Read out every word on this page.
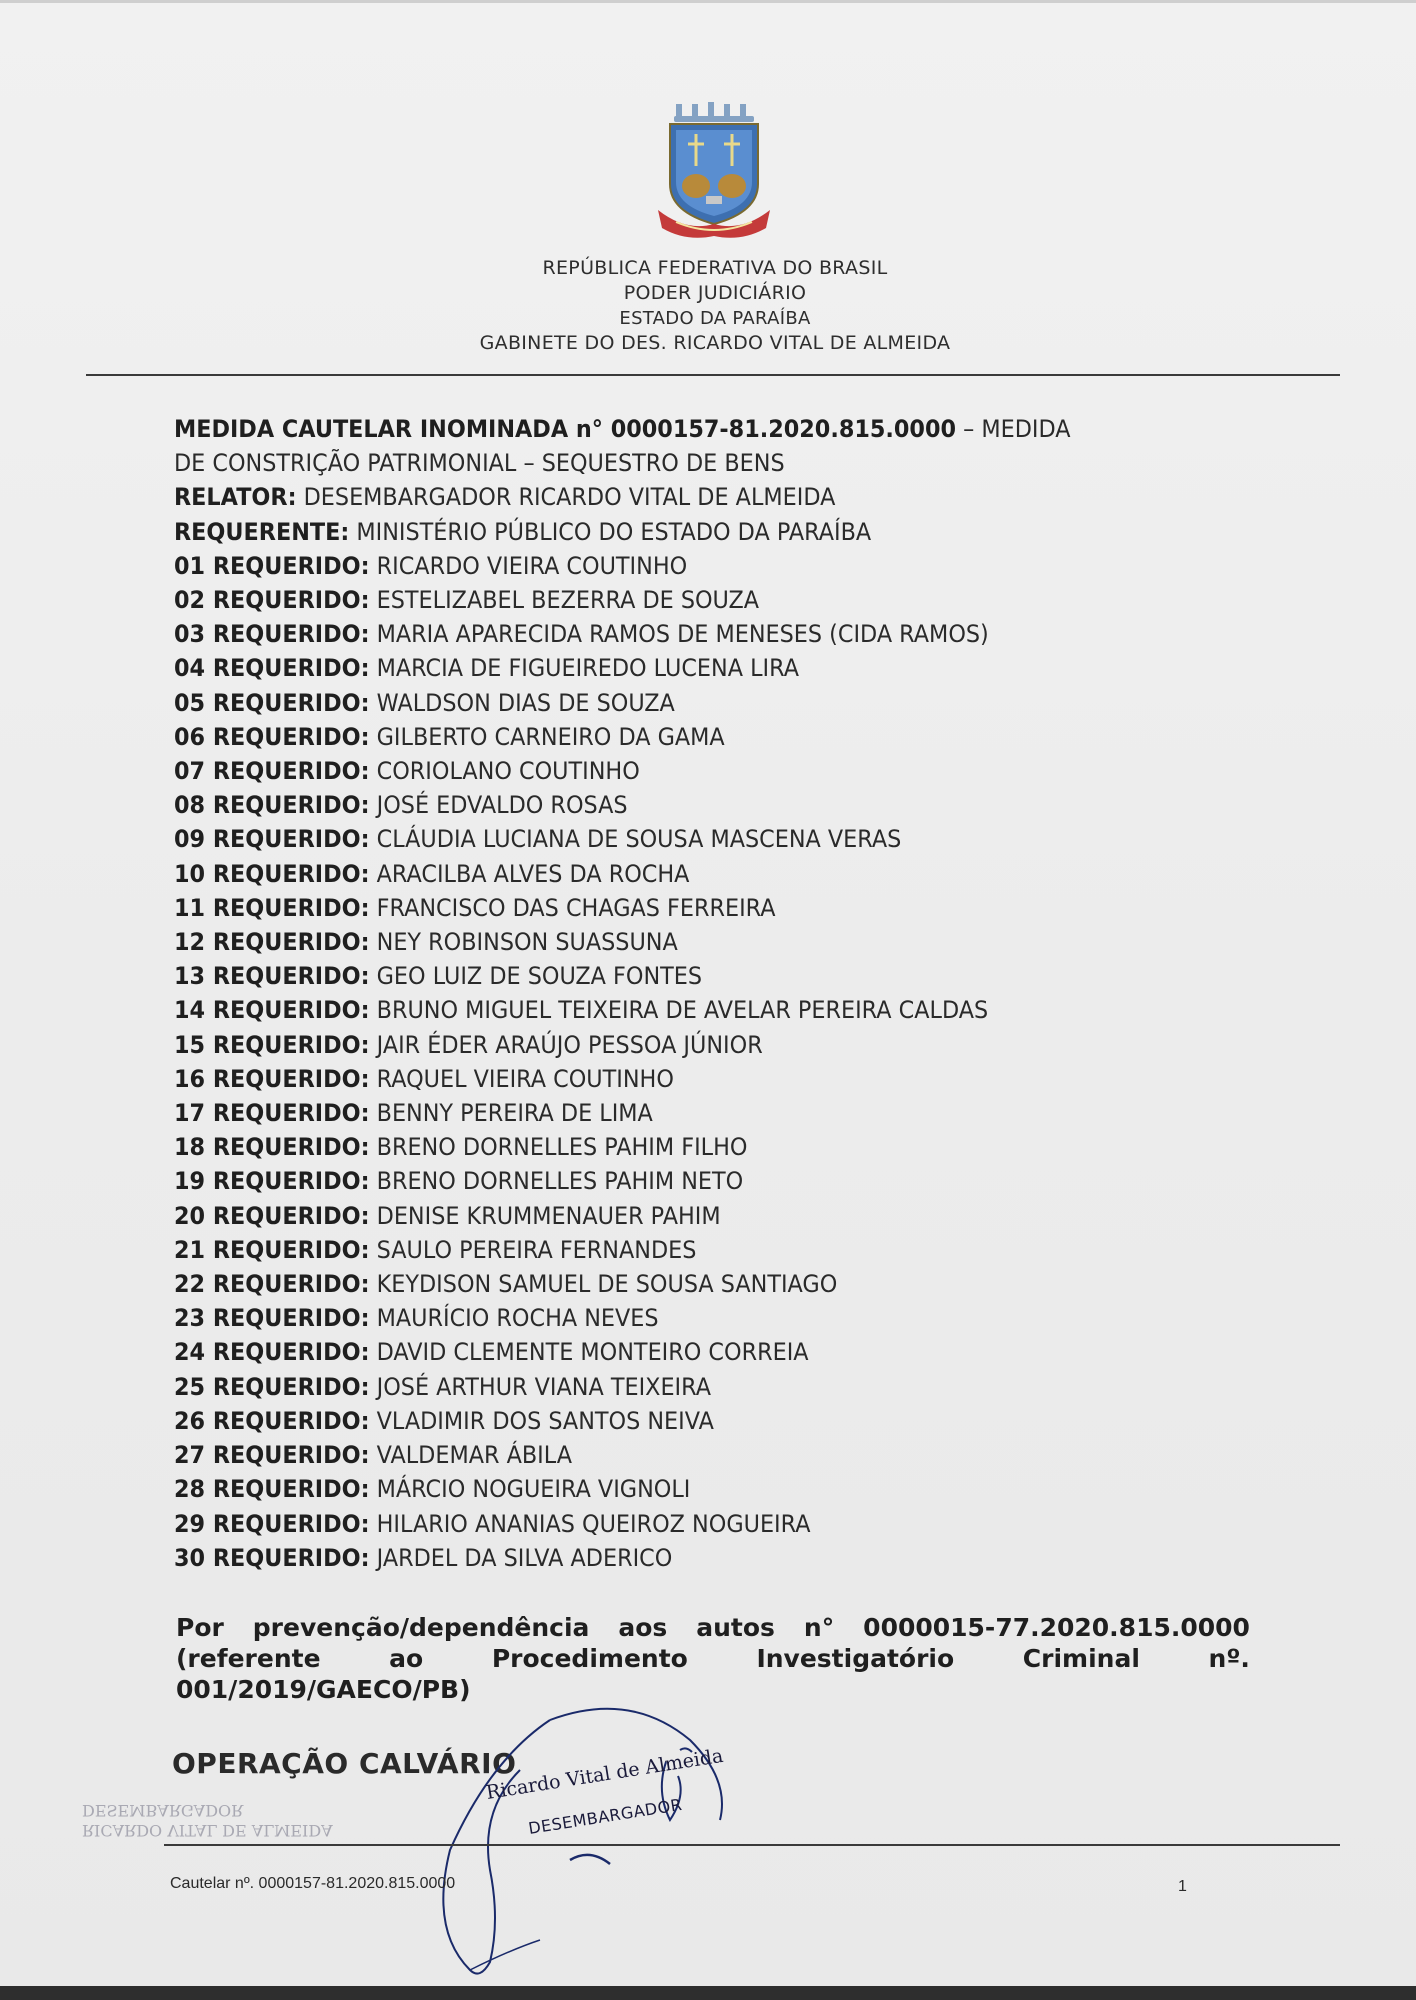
REPÚBLICA FEDERATIVA DO BRASIL
PODER JUDICIÁRIO
ESTADO DA PARAÍBA
GABINETE DO DES. RICARDO VITAL DE ALMEIDA
MEDIDA CAUTELAR INOMINADA n° 0000157-81.2020.815.0000 – MEDIDA
DE CONSTRIÇÃO PATRIMONIAL – SEQUESTRO DE BENS
RELATOR: DESEMBARGADOR RICARDO VITAL DE ALMEIDA
REQUERENTE: MINISTÉRIO PÚBLICO DO ESTADO DA PARAÍBA
01 REQUERIDO: RICARDO VIEIRA COUTINHO
02 REQUERIDO: ESTELIZABEL BEZERRA DE SOUZA
03 REQUERIDO: MARIA APARECIDA RAMOS DE MENESES (CIDA RAMOS)
04 REQUERIDO: MARCIA DE FIGUEIREDO LUCENA LIRA
05 REQUERIDO: WALDSON DIAS DE SOUZA
06 REQUERIDO: GILBERTO CARNEIRO DA GAMA
07 REQUERIDO: CORIOLANO COUTINHO
08 REQUERIDO: JOSÉ EDVALDO ROSAS
09 REQUERIDO: CLÁUDIA LUCIANA DE SOUSA MASCENA VERAS
10 REQUERIDO: ARACILBA ALVES DA ROCHA
11 REQUERIDO: FRANCISCO DAS CHAGAS FERREIRA
12 REQUERIDO: NEY ROBINSON SUASSUNA
13 REQUERIDO: GEO LUIZ DE SOUZA FONTES
14 REQUERIDO: BRUNO MIGUEL TEIXEIRA DE AVELAR PEREIRA CALDAS
15 REQUERIDO: JAIR ÉDER ARAÚJO PESSOA JÚNIOR
16 REQUERIDO: RAQUEL VIEIRA COUTINHO
17 REQUERIDO: BENNY PEREIRA DE LIMA
18 REQUERIDO: BRENO DORNELLES PAHIM FILHO
19 REQUERIDO: BRENO DORNELLES PAHIM NETO
20 REQUERIDO: DENISE KRUMMENAUER PAHIM
21 REQUERIDO: SAULO PEREIRA FERNANDES
22 REQUERIDO: KEYDISON SAMUEL DE SOUSA SANTIAGO
23 REQUERIDO: MAURÍCIO ROCHA NEVES
24 REQUERIDO: DAVID CLEMENTE MONTEIRO CORREIA
25 REQUERIDO: JOSÉ ARTHUR VIANA TEIXEIRA
26 REQUERIDO: VLADIMIR DOS SANTOS NEIVA
27 REQUERIDO: VALDEMAR ÁBILA
28 REQUERIDO: MÁRCIO NOGUEIRA VIGNOLI
29 REQUERIDO: HILARIO ANANIAS QUEIROZ NOGUEIRA
30 REQUERIDO: JARDEL DA SILVA ADERICO
Por prevenção/dependência aos autos n° 0000015-77.2020.815.0000
(referente	ao	Procedimento	Investigatório	Criminal	nº.
001/2019/GAECO/PB)
OPERAÇÃO CALVÁRIO
RICARDO VITAL DE ALMEIDA
DESEMBARGADOR
Ricardo Vital de Almeida
DESEMBARGADOR
Cautelar nº. 0000157-81.2020.815.0000	1
